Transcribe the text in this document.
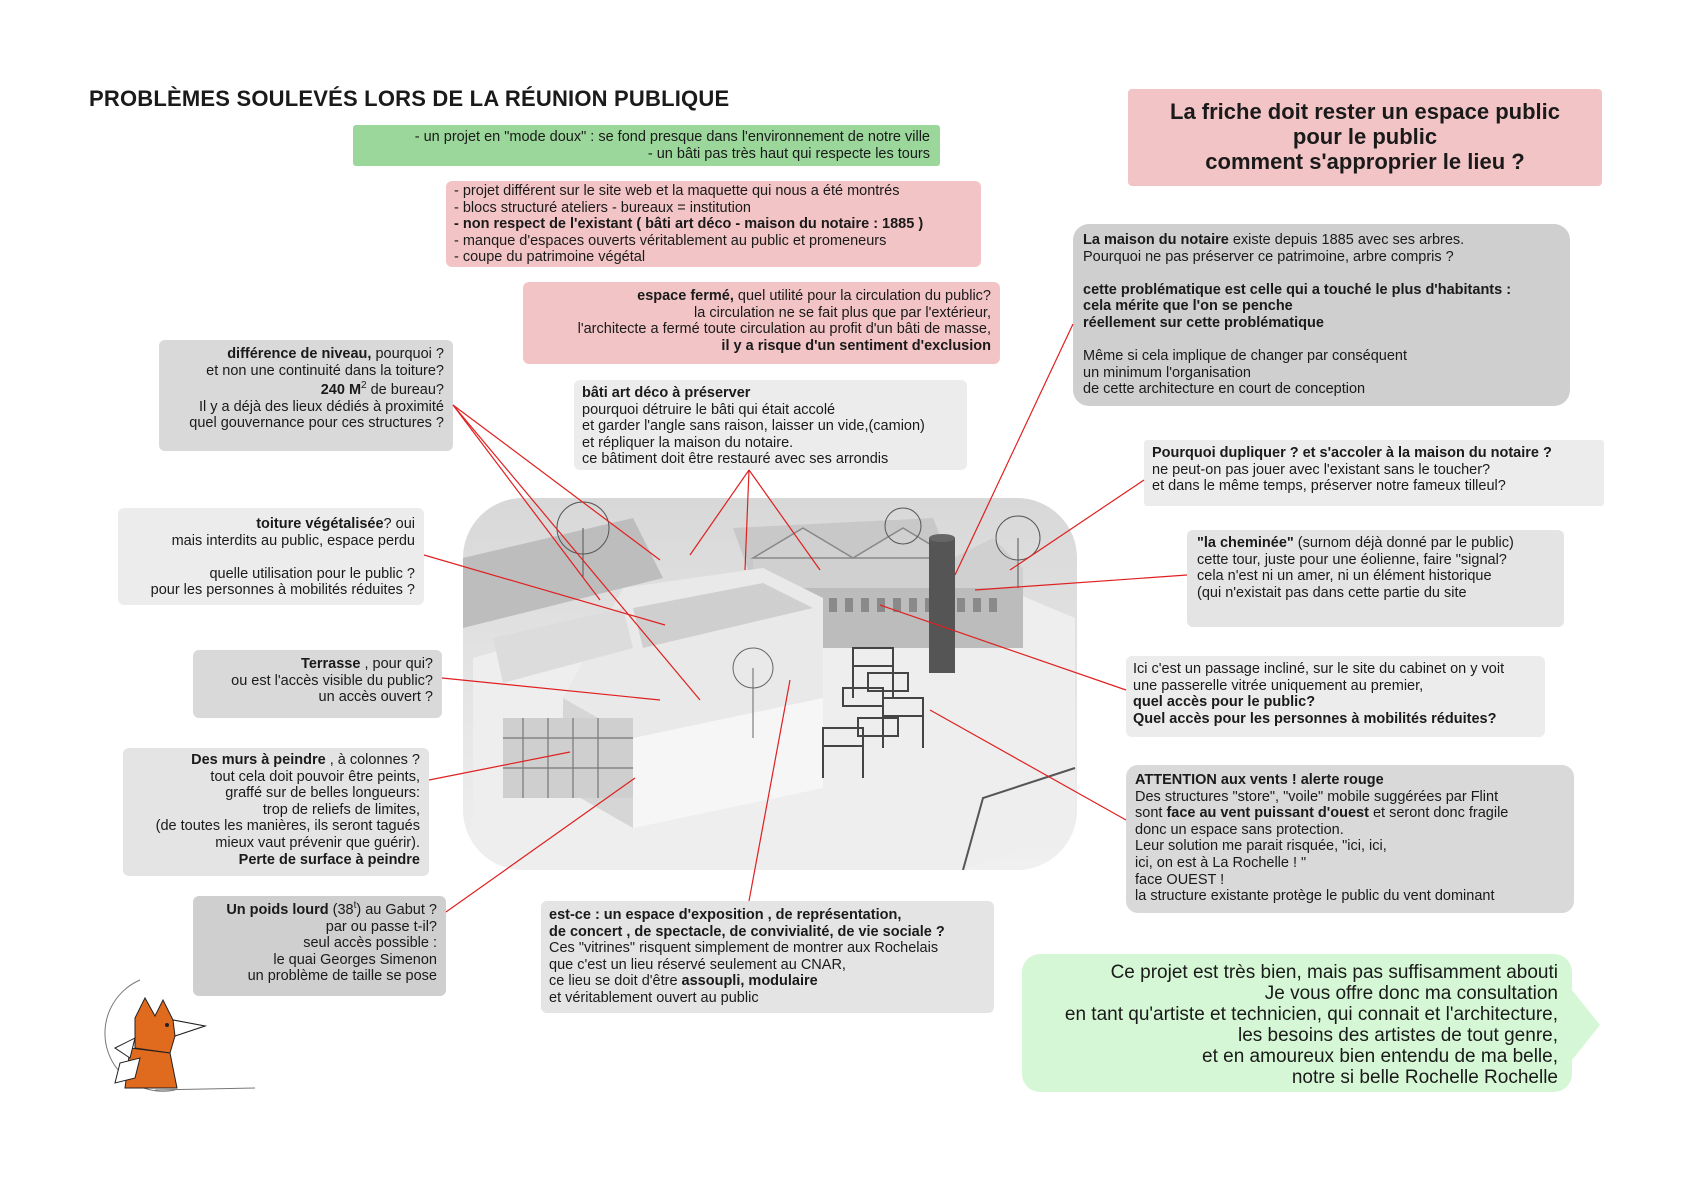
PROBLÈMES SOULEVÉS LORS DE LA RÉUNION PUBLIQUE
La friche doit rester un espace public
pour le public
comment s'approprier le lieu ?
- un projet en "mode doux" : se fond presque dans l'environnement de notre ville
- un bâti pas très haut qui respecte les tours
- projet différent sur le site web et la maquette qui nous a été montrés
- blocs structuré ateliers - bureaux = institution
- non respect de l'existant ( bâti art déco - maison du notaire : 1885 )
- manque d'espaces ouverts véritablement au public et promeneurs
- coupe du patrimoine végétal
espace fermé, quel utilité pour la circulation du public?
la circulation ne se fait plus que par l'extérieur,
l'architecte a fermé toute circulation au profit d'un bâti de masse,
il y a risque d'un sentiment d'exclusion
La maison du notaire existe depuis 1885 avec ses arbres.
Pourquoi ne pas préserver ce patrimoine, arbre compris ?
cette problématique est celle qui a touché le plus d'habitants :
cela mérite que l'on se penche
réellement sur cette problématique
Même si cela implique de changer par conséquent
un minimum l'organisation
de cette architecture en court de conception
différence de niveau, pourquoi ?
et non une continuité dans la toiture?
240 $M^2$ de bureau?
Il y a déjà des lieux dédiés à proximité
quel gouvernance pour ces structures ?
bâti art déco à préserver
pourquoi détruire le bâti qui était accolé
et garder l'angle sans raison, laisser un vide,(camion)
et répliquer la maison du notaire.
ce bâtiment doit être restauré avec ses arrondis	Pourquoi dupliquer ? et s'accoler à la maison du notaire ?
ne peut-on pas jouer avec l'existant sans le toucher?
et dans le même temps, préserver notre fameux tilleul?
toiture végétalisée? oui
mais interdits au public, espace perdu
quelle utilisation pour le public ?
pour les personnes à mobilités réduites ?
"la cheminée" (surnom déjà donné par le public)
cette tour, juste pour une éolienne, faire "signal?
cela n'est ni un amer, ni un élément historique
(qui n'existait pas dans cette partie du site
Terrasse , pour qui?
ou est l'accès visible du public?
un accès ouvert ?
Ici c'est un passage incliné, sur le site du cabinet on y voit
une passerelle vitrée uniquement au premier,
quel accès pour le public?
Quel accès pour les personnes à mobilités réduites?
Des murs à peindre , à colonnes ?
tout cela doit pouvoir être peints,
graffé sur de belles longueurs:
trop de reliefs de limites,
(de toutes les manières, ils seront tagués
mieux vaut prévenir que guérir).
Perte de surface à peindre
ATTENTION aux vents ! alerte rouge
Des structures "store", "voile" mobile suggérées par Flint
sont face au vent puissant d'ouest et seront donc fragile
donc un espace sans protection.
Leur solution me parait risquée, "ici, ici,
ici, on est à La Rochelle ! "
face OUEST !
la structure existante protège le public du vent dominant
Un poids lourd (38$^t$) au Gabut ?
par ou passe t-il?
seul accès possible :
le quai Georges Simenon
un problème de taille se pose
est-ce : un espace d'exposition , de représentation,
de concert , de spectacle, de convivialité, de vie sociale ?
Ces "vitrines" risquent simplement de montrer aux Rochelais
que c'est un lieu réservé seulement au CNAR,
ce lieu se doit d'être assoupli, modulaire
et véritablement ouvert au public
Ce projet est très bien, mais pas suffisamment abouti
Je vous offre donc ma consultation
en tant qu'artiste et technicien, qui connait et l'architecture,
les besoins des artistes de tout genre,
et en amoureux bien entendu de ma belle,
notre si belle Rochelle Rochelle
